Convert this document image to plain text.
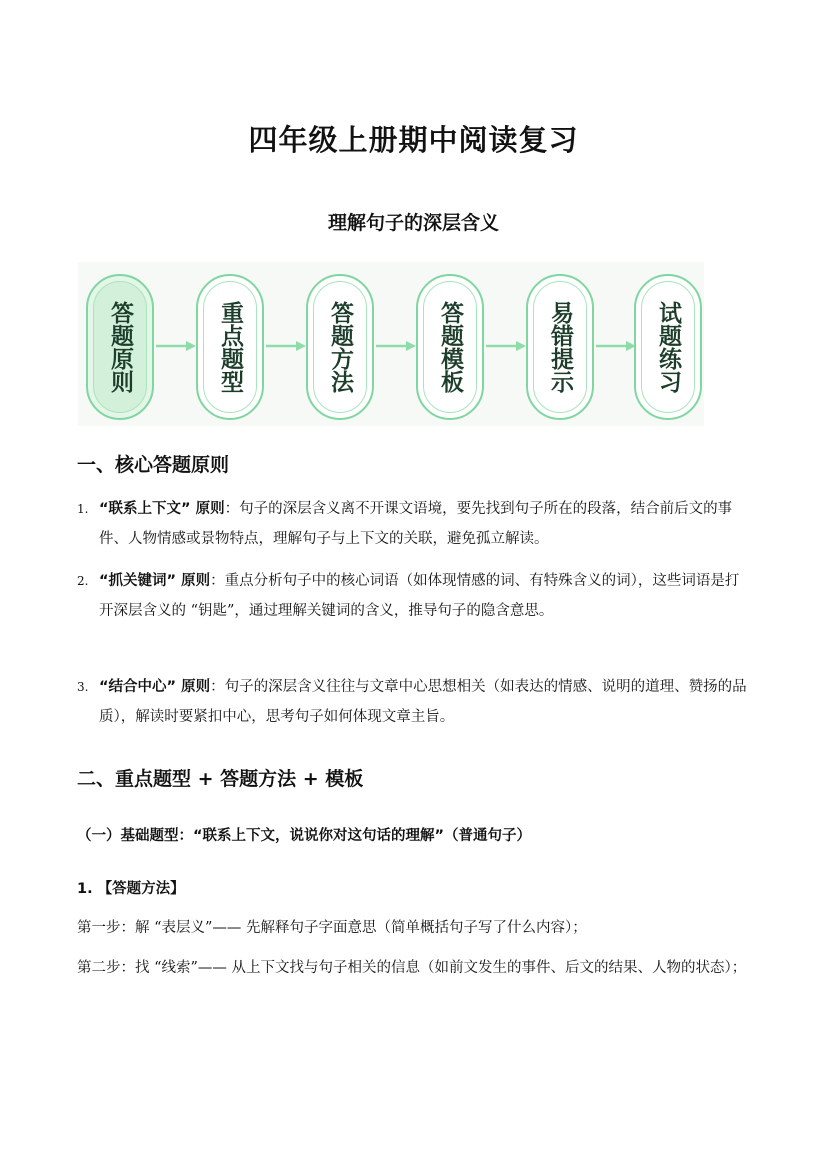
四年级上册期中阅读复习
理解句子的深层含义
答题原则	重点题型	答题方法	答题模板	易错提示	试题练习
一、核心答题原则
1. “联系上下文” 原则：句子的深层含义离不开课文语境，要先找到句子所在的段落，结合前后文的事件、人物情感或景物特点，理解句子与上下文的关联，避免孤立解读。
2. “抓关键词” 原则：重点分析句子中的核心词语（如体现情感的词、有特殊含义的词），这些词语是打开深层含义的 “钥匙”，通过理解关键词的含义，推导句子的隐含意思。
3. “结合中心” 原则：句子的深层含义往往与文章中心思想相关（如表达的情感、说明的道理、赞扬的品质），解读时要紧扣中心，思考句子如何体现文章主旨。
二、重点题型 + 答题方法 + 模板
（一）基础题型：“联系上下文，说说你对这句话的理解”（普通句子）
1. 【答题方法】
第一步：解 “表层义”—— 先解释句子字面意思（简单概括句子写了什么内容）；
第二步：找 “线索”—— 从上下文找与句子相关的信息（如前文发生的事件、后文的结果、人物的状态）；
